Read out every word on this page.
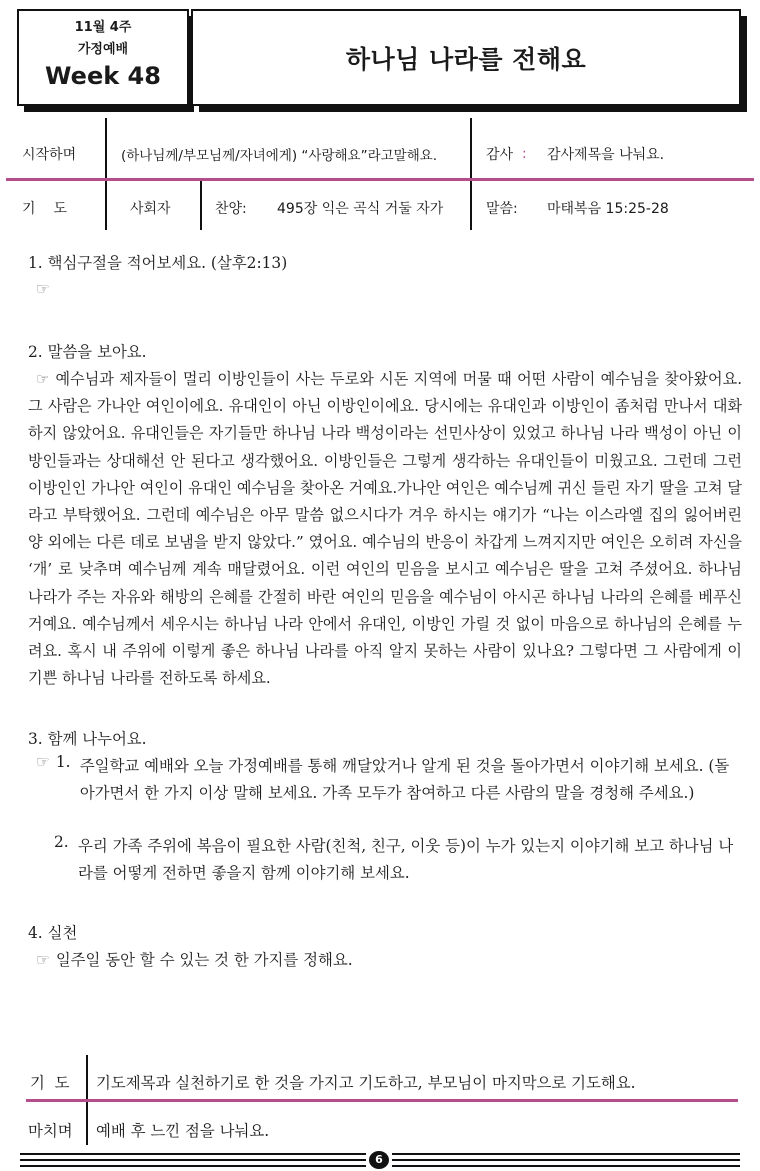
11월 4주
가정예배
Week 48
하나님 나라를 전해요
시작하며	(하나님께/부모님께/자녀에게) “사랑해요”라고말해요.	감사 : 감사제목을 나눠요.
기    도	사회자	찬양: 495장 익은 곡식 거둘 자가	말씀: 마태복음 15:25-28

1. 핵심구절을 적어보세요. (살후2:13)

☞

2. 말씀을 보아요.

☞ 예수님과 제자들이 멀리 이방인들이 사는 두로와 시돈 지역에 머물 때 어떤 사람이 예수님을 찾아왔어요. 그 사람은 가나안 여인이에요. 유대인이 아닌 이방인이에요. 당시에는 유대인과 이방인이 좀처럼 만나서 대화하지 않았어요. 유대인들은 자기들만 하나님 나라 백성이라는 선민사상이 있었고 하나님 나라 백성이 아닌 이방인들과는 상대해선 안 된다고 생각했어요. 이방인들은 그렇게 생각하는 유대인들이 미웠고요. 그런데 그런 이방인인 가나안 여인이 유대인 예수님을 찾아온 거예요.가나안 여인은 예수님께 귀신 들린 자기 딸을 고쳐 달라고 부탁했어요. 그런데 예수님은 아무 말씀 없으시다가 겨우 하시는 얘기가 “나는 이스라엘 집의 잃어버린 양 외에는 다른 데로 보냄을 받지 않았다.” 였어요. 예수님의 반응이 차갑게 느껴지지만 여인은 오히려 자신을 ‘개’ 로 낮추며 예수님께 계속 매달렸어요. 이런 여인의 믿음을 보시고 예수님은 딸을 고쳐 주셨어요. 하나님 나라가 주는 자유와 해방의 은혜를 간절히 바란 여인의 믿음을 예수님이 아시곤 하나님 나라의 은혜를 베푸신 거예요. 예수님께서 세우시는 하나님 나라 안에서 유대인, 이방인 가릴 것 없이 마음으로 하나님의 은혜를 누려요. 혹시 내 주위에 이렇게 좋은 하나님 나라를 아직 알지 못하는 사람이 있나요? 그렇다면 그 사람에게 이 기쁜 하나님 나라를 전하도록 하세요.

3. 함께 나누어요.

☞ 1. 주일학교 예배와 오늘 가정예배를 통해 깨달았거나 알게 된 것을 돌아가면서 이야기해 보세요. (돌아가면서 한 가지 이상 말해 보세요. 가족 모두가 참여하고 다른 사람의 말을 경청해 주세요.)

2. 우리 가족 주위에 복음이 필요한 사람(친척, 친구, 이웃 등)이 누가 있는지 이야기해 보고 하나님 나라를 어떻게 전하면 좋을지 함께 이야기해 보세요.

4. 실천

☞ 일주일 동안 할 수 있는 것 한 가지를 정해요.

기  도 기도제목과 실천하기로 한 것을 가지고 기도하고, 부모님이 마지막으로 기도해요.
마치며 예배 후 느낀 점을 나눠요.
6
